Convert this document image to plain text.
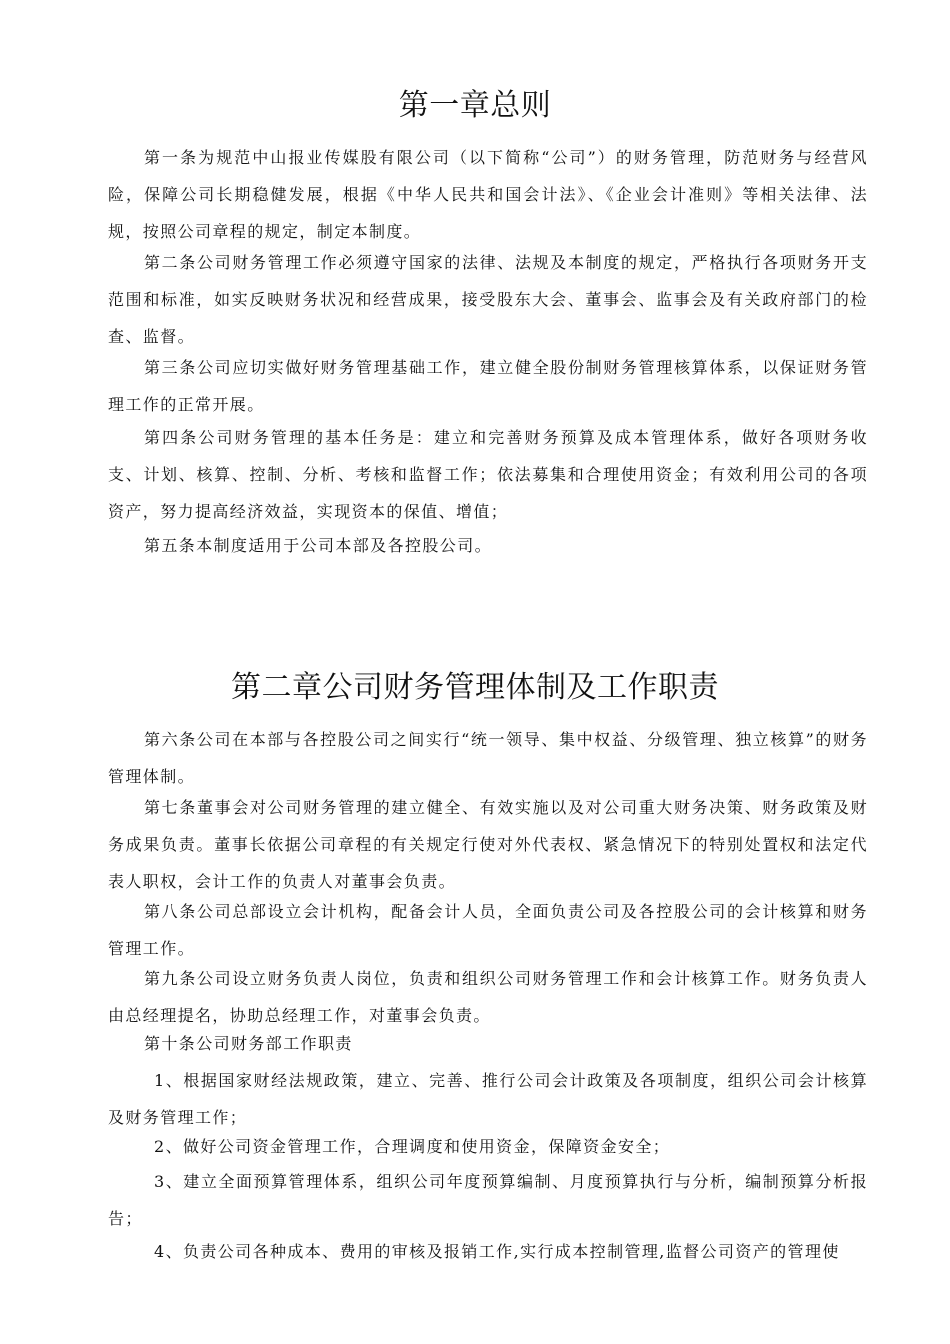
第一章总则

第一条为规范中山报业传媒股有限公司（以下简称“公司”）的财务管理，防范财务与经营风险，保障公司长期稳健发展，根据《中华人民共和国会计法》、《企业会计准则》等相关法律、法规，按照公司章程的规定，制定本制度。

第二条公司财务管理工作必须遵守国家的法律、法规及本制度的规定，严格执行各项财务开支范围和标准，如实反映财务状况和经营成果，接受股东大会、董事会、监事会及有关政府部门的检查、监督。

第三条公司应切实做好财务管理基础工作，建立健全股份制财务管理核算体系，以保证财务管理工作的正常开展。

第四条公司财务管理的基本任务是：建立和完善财务预算及成本管理体系，做好各项财务收支、计划、核算、控制、分析、考核和监督工作；依法募集和合理使用资金；有效利用公司的各项资产，努力提高经济效益，实现资本的保值、增值；

第五条本制度适用于公司本部及各控股公司。

第二章公司财务管理体制及工作职责

第六条公司在本部与各控股公司之间实行“统一领导、集中权益、分级管理、独立核算”的财务管理体制。

第七条董事会对公司财务管理的建立健全、有效实施以及对公司重大财务决策、财务政策及财务成果负责。董事长依据公司章程的有关规定行使对外代表权、紧急情况下的特别处置权和法定代表人职权，会计工作的负责人对董事会负责。

第八条公司总部设立会计机构，配备会计人员，全面负责公司及各控股公司的会计核算和财务管理工作。

第九条公司设立财务负责人岗位，负责和组织公司财务管理工作和会计核算工作。财务负责人由总经理提名，协助总经理工作，对董事会负责。

第十条公司财务部工作职责

1、根据国家财经法规政策，建立、完善、推行公司会计政策及各项制度，组织公司会计核算及财务管理工作；

2、做好公司资金管理工作，合理调度和使用资金，保障资金安全；

3、建立全面预算管理体系，组织公司年度预算编制、月度预算执行与分析，编制预算分析报告；

4、负责公司各种成本、费用的审核及报销工作,实行成本控制管理,监督公司资产的管理使
